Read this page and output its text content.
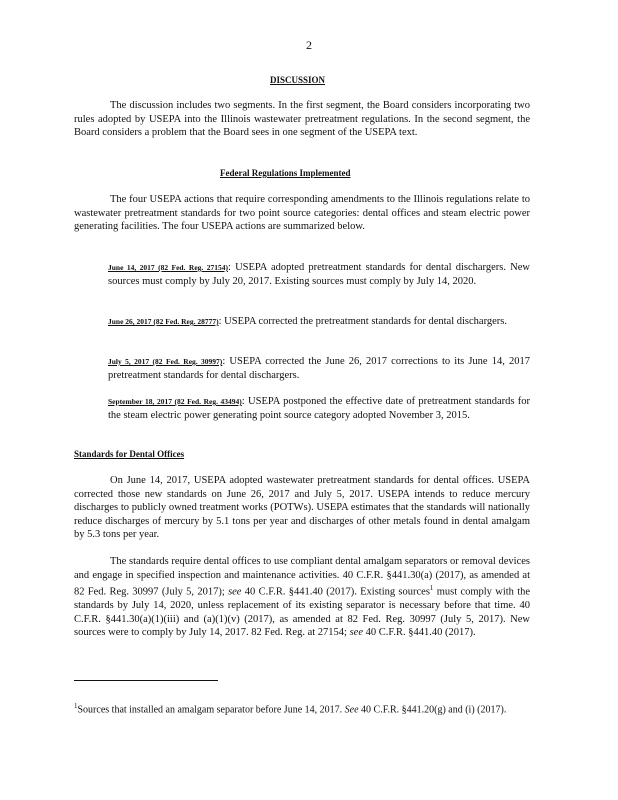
2
DISCUSSION

The discussion includes two segments. In the first segment, the Board considers incorporating two rules adopted by USEPA into the Illinois wastewater pretreatment regulations. In the second segment, the Board considers a problem that the Board sees in one segment of the USEPA text.

Federal Regulations Implemented

The four USEPA actions that require corresponding amendments to the Illinois regulations relate to wastewater pretreatment standards for two point source categories: dental offices and steam electric power generating facilities. The four USEPA actions are summarized below.

June 14, 2017 (82 Fed. Reg. 27154): USEPA adopted pretreatment standards for dental dischargers. New sources must comply by July 20, 2017. Existing sources must comply by July 14, 2020.
June 26, 2017 (82 Fed. Reg. 28777): USEPA corrected the pretreatment standards for dental dischargers.
July 5, 2017 (82 Fed. Reg. 30997): USEPA corrected the June 26, 2017 corrections to its June 14, 2017 pretreatment standards for dental dischargers.
September 18, 2017 (82 Fed. Reg. 43494): USEPA postponed the effective date of pretreatment standards for the steam electric power generating point source category adopted November 3, 2015.
Standards for Dental Offices

On June 14, 2017, USEPA adopted wastewater pretreatment standards for dental offices. USEPA corrected those new standards on June 26, 2017 and July 5, 2017. USEPA intends to reduce mercury discharges to publicly owned treatment works (POTWs). USEPA estimates that the standards will nationally reduce discharges of mercury by 5.1 tons per year and discharges of other metals found in dental amalgam by 5.3 tons per year.

The standards require dental offices to use compliant dental amalgam separators or removal devices and engage in specified inspection and maintenance activities. 40 C.F.R. §441.30(a) (2017), as amended at 82 Fed. Reg. 30997 (July 5, 2017); see 40 C.F.R. §441.40 (2017). Existing sources$^1$ must comply with the standards by July 14, 2020, unless replacement of its existing separator is necessary before that time. 40 C.F.R. §441.30(a)(1)(iii) and (a)(1)(v) (2017), as amended at 82 Fed. Reg. 30997 (July 5, 2017). New sources were to comply by July 14, 2017. 82 Fed. Reg. at 27154; see 40 C.F.R. §441.40 (2017).

$^1$Sources that installed an amalgam separator before June 14, 2017. See 40 C.F.R. §441.20(g) and (i) (2017).
